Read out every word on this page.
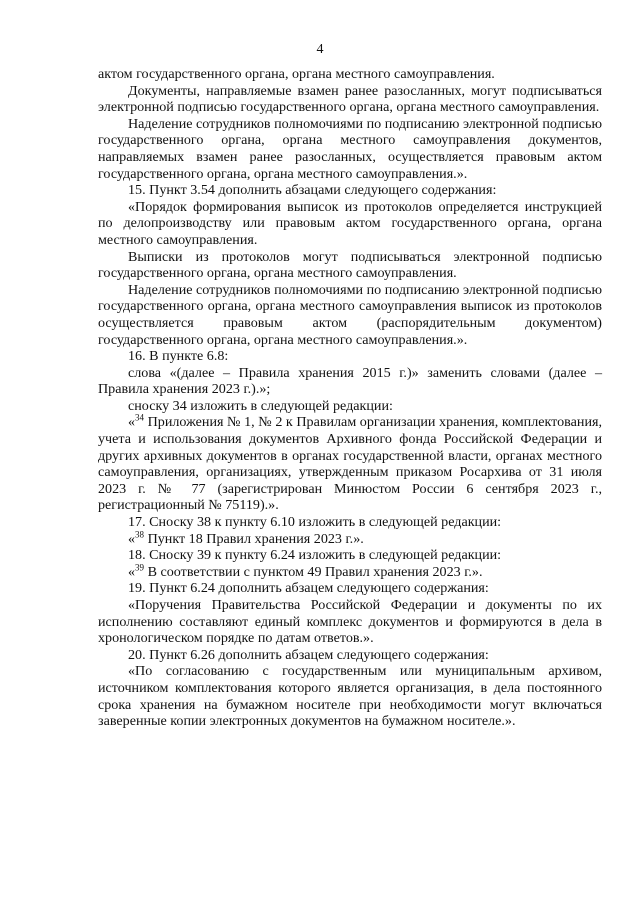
4

актом государственного органа, органа местного самоуправления.

Документы, направляемые взамен ранее разосланных, могут подписываться электронной подписью государственного органа, органа местного самоуправления.

Наделение сотрудников полномочиями по подписанию электронной подписью государственного органа, органа местного самоуправления документов, направляемых взамен ранее разосланных, осуществляется правовым актом государственного органа, органа местного самоуправления.».

15. Пункт 3.54 дополнить абзацами следующего содержания:

«Порядок формирования выписок из протоколов определяется инструкцией по делопроизводству или правовым актом государственного органа, органа местного самоуправления.

Выписки из протоколов могут подписываться электронной подписью государственного органа, органа местного самоуправления.

Наделение сотрудников полномочиями по подписанию электронной подписью государственного органа, органа местного самоуправления выписок из протоколов осуществляется правовым актом (распорядительным документом) государственного органа, органа местного самоуправления.».

16. В пункте 6.8:

слова «(далее – Правила хранения 2015 г.)» заменить словами (далее – Правила хранения 2023 г.).»;

сноску 34 изложить в следующей редакции:

«$^{34}$ Приложения № 1, № 2 к Правилам организации хранения, комплектования, учета и использования документов Архивного фонда Российской Федерации и других архивных документов в органах государственной власти, органах местного самоуправления, организациях, утвержденным приказом Росархива от 31 июля 2023 г. № 77 (зарегистрирован Минюстом России 6 сентября 2023 г., регистрационный № 75119).».

17. Сноску 38 к пункту 6.10 изложить в следующей редакции:

«$^{38}$ Пункт 18 Правил хранения 2023 г.».

18. Сноску 39 к пункту 6.24 изложить в следующей редакции:

«$^{39}$ В соответствии с пунктом 49 Правил хранения 2023 г.».

19. Пункт 6.24 дополнить абзацем следующего содержания:

«Поручения Правительства Российской Федерации и документы по их исполнению составляют единый комплекс документов и формируются в дела в хронологическом порядке по датам ответов.».

20. Пункт 6.26 дополнить абзацем следующего содержания:

«По согласованию с государственным или муниципальным архивом, источником комплектования которого является организация, в дела постоянного срока хранения на бумажном носителе при необходимости могут включаться заверенные копии электронных документов на бумажном носителе.».
